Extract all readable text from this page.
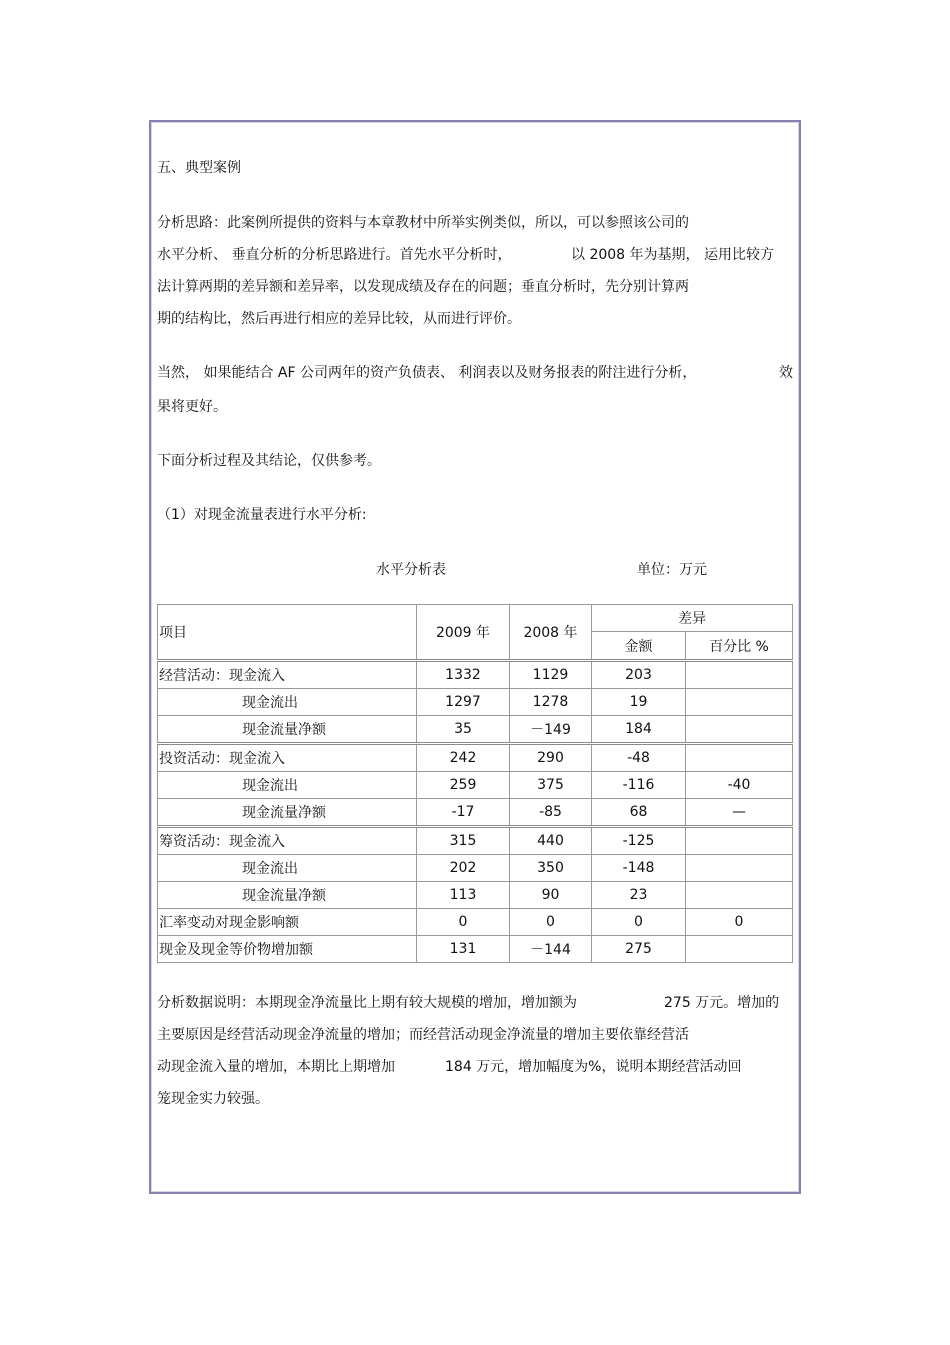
五、典型案例
分析思路：此案例所提供的资料与本章教材中所举实例类似，所以，可以参照该公司的
水平分析、 垂直分析的分析思路进行。首先水平分析时，	以 2008 年为基期， 运用比较方
法计算两期的差异额和差异率，以发现成绩及存在的问题；垂直分析时，先分别计算两
期的结构比，然后再进行相应的差异比较，从而进行评价。
当然， 如果能结合 AF 公司两年的资产负债表、 利润表以及财务报表的附注进行分析，	效
果将更好。
下面分析过程及其结论，仅供参考。
（1）对现金流量表进行水平分析:
水平分析表	单位：万元
项目	2009 年	2008 年	差异	
			金额	百分比 %
经营活动：现金流入	1332	1129	203	
现金流出	1297	1278	19	
现金流量净额	35	－149	184	
投资活动：现金流入	242	290	-48	
现金流出	259	375	-116	-40
现金流量净额	-17	-85	68	—
筹资活动：现金流入	315	440	-125	
现金流出	202	350	-148	
现金流量净额	113	90	23	
汇率变动对现金影响额	0	0	0	0
现金及现金等价物增加额	131	－144	275	
分析数据说明：本期现金净流量比上期有较大规模的增加，增加额为	275 万元。增加的
主要原因是经营活动现金净流量的增加；而经营活动现金净流量的增加主要依靠经营活
动现金流入量的增加，本期比上期增加	184 万元，增加幅度为%，说明本期经营活动回
笼现金实力较强。
